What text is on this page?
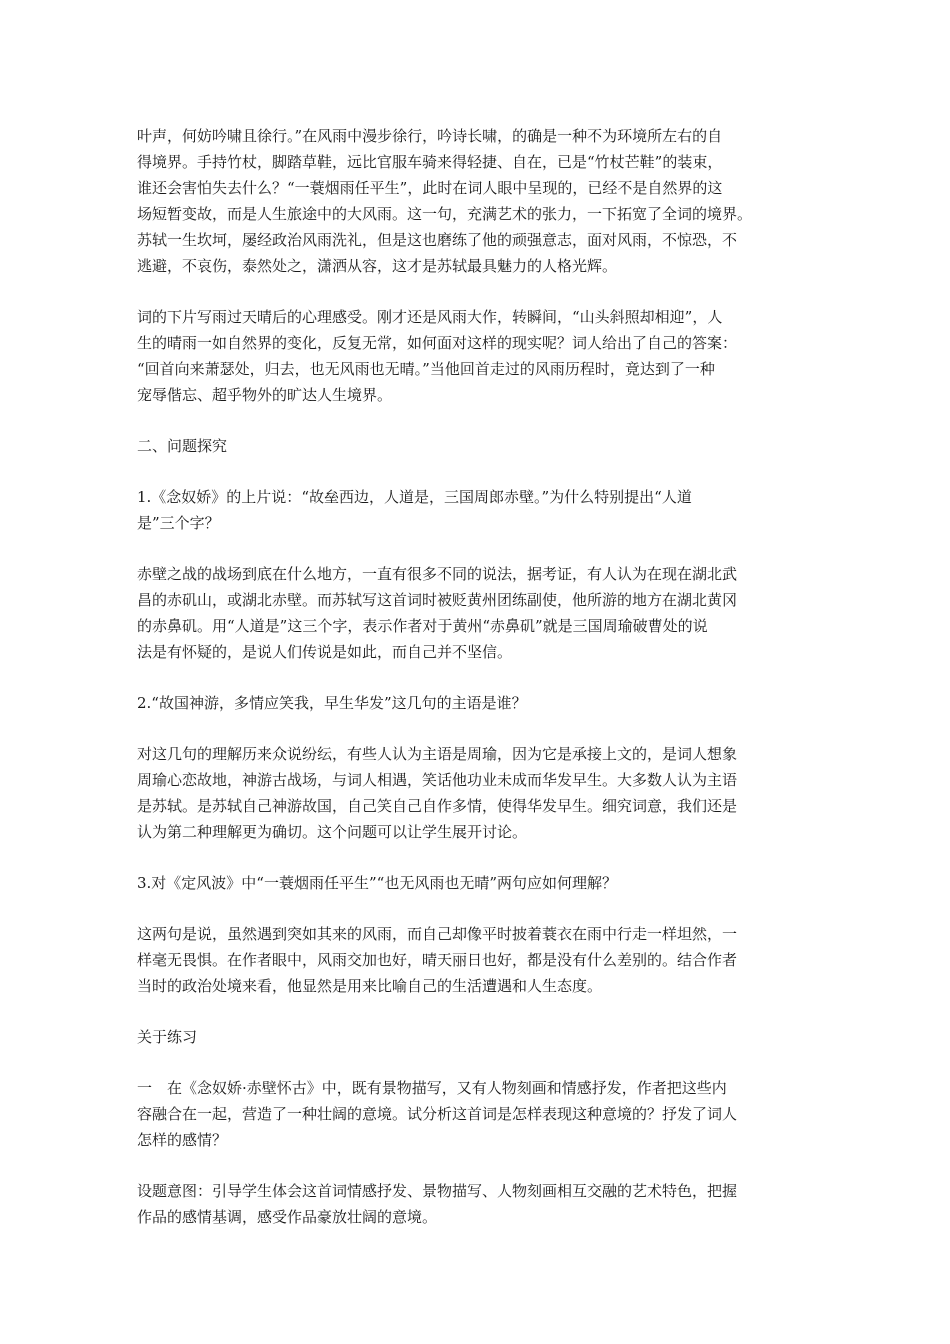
叶声，何妨吟啸且徐行。”在风雨中漫步徐行，吟诗长啸，的确是一种不为环境所左右的自
得境界。手持竹杖，脚踏草鞋，远比官服车骑来得轻捷、自在，已是“竹杖芒鞋”的装束，
谁还会害怕失去什么？“一蓑烟雨任平生”，此时在词人眼中呈现的，已经不是自然界的这
场短暂变故，而是人生旅途中的大风雨。这一句，充满艺术的张力，一下拓宽了全词的境界。
苏轼一生坎坷，屡经政治风雨洗礼，但是这也磨练了他的顽强意志，面对风雨，不惊恐，不
逃避，不哀伤，泰然处之，潇洒从容，这才是苏轼最具魅力的人格光辉。

词的下片写雨过天晴后的心理感受。刚才还是风雨大作，转瞬间，“山头斜照却相迎”，人
生的晴雨一如自然界的变化，反复无常，如何面对这样的现实呢？词人给出了自己的答案：
“回首向来萧瑟处，归去，也无风雨也无晴。”当他回首走过的风雨历程时，竟达到了一种
宠辱偕忘、超乎物外的旷达人生境界。

二、问题探究

1.《念奴娇》的上片说：“故垒西边，人道是，三国周郎赤壁。”为什么特别提出“人道
是”三个字？

赤壁之战的战场到底在什么地方，一直有很多不同的说法，据考证，有人认为在现在湖北武
昌的赤矶山，或湖北赤壁。而苏轼写这首词时被贬黄州团练副使，他所游的地方在湖北黄冈
的赤鼻矶。用“人道是”这三个字，表示作者对于黄州“赤鼻矶”就是三国周瑜破曹处的说
法是有怀疑的，是说人们传说是如此，而自己并不坚信。

2.“故国神游，多情应笑我，早生华发”这几句的主语是谁？

对这几句的理解历来众说纷纭，有些人认为主语是周瑜，因为它是承接上文的，是词人想象
周瑜心恋故地，神游古战场，与词人相遇，笑话他功业未成而华发早生。大多数人认为主语
是苏轼。是苏轼自己神游故国，自己笑自己自作多情，使得华发早生。细究词意，我们还是
认为第二种理解更为确切。这个问题可以让学生展开讨论。

3.对《定风波》中“一蓑烟雨任平生”“也无风雨也无晴”两句应如何理解？

这两句是说，虽然遇到突如其来的风雨，而自己却像平时披着蓑衣在雨中行走一样坦然，一
样毫无畏惧。在作者眼中，风雨交加也好，晴天丽日也好，都是没有什么差别的。结合作者
当时的政治处境来看，他显然是用来比喻自己的生活遭遇和人生态度。

关于练习

一　在《念奴娇·赤壁怀古》中，既有景物描写，又有人物刻画和情感抒发，作者把这些内
容融合在一起，营造了一种壮阔的意境。试分析这首词是怎样表现这种意境的？抒发了词人
怎样的感情？

设题意图：引导学生体会这首词情感抒发、景物描写、人物刻画相互交融的艺术特色，把握
作品的感情基调，感受作品豪放壮阔的意境。
